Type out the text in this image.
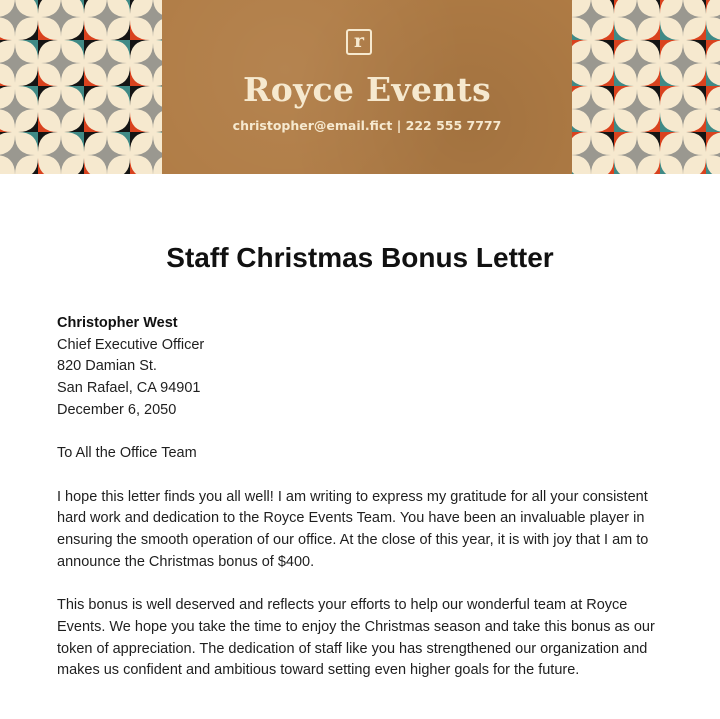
r
Royce Events
christopher@email.fict | 222 555 7777
Staff Christmas Bonus Letter

Christopher West

Chief Executive Officer

820 Damian St.

San Rafael, CA 94901

December 6, 2050

To All the Office Team

I hope this letter finds you all well! I am writing to express my gratitude for all your consistent hard work and dedication to the Royce Events Team. You have been an invaluable player in ensuring the smooth operation of our office. At the close of this year, it is with joy that I am to announce the Christmas bonus of $400.

This bonus is well deserved and reflects your efforts to help our wonderful team at Royce Events. We hope you take the time to enjoy the Christmas season and take this bonus as our token of appreciation. The dedication of staff like you has strengthened our organization and makes us confident and ambitious toward setting even higher goals for the future.
